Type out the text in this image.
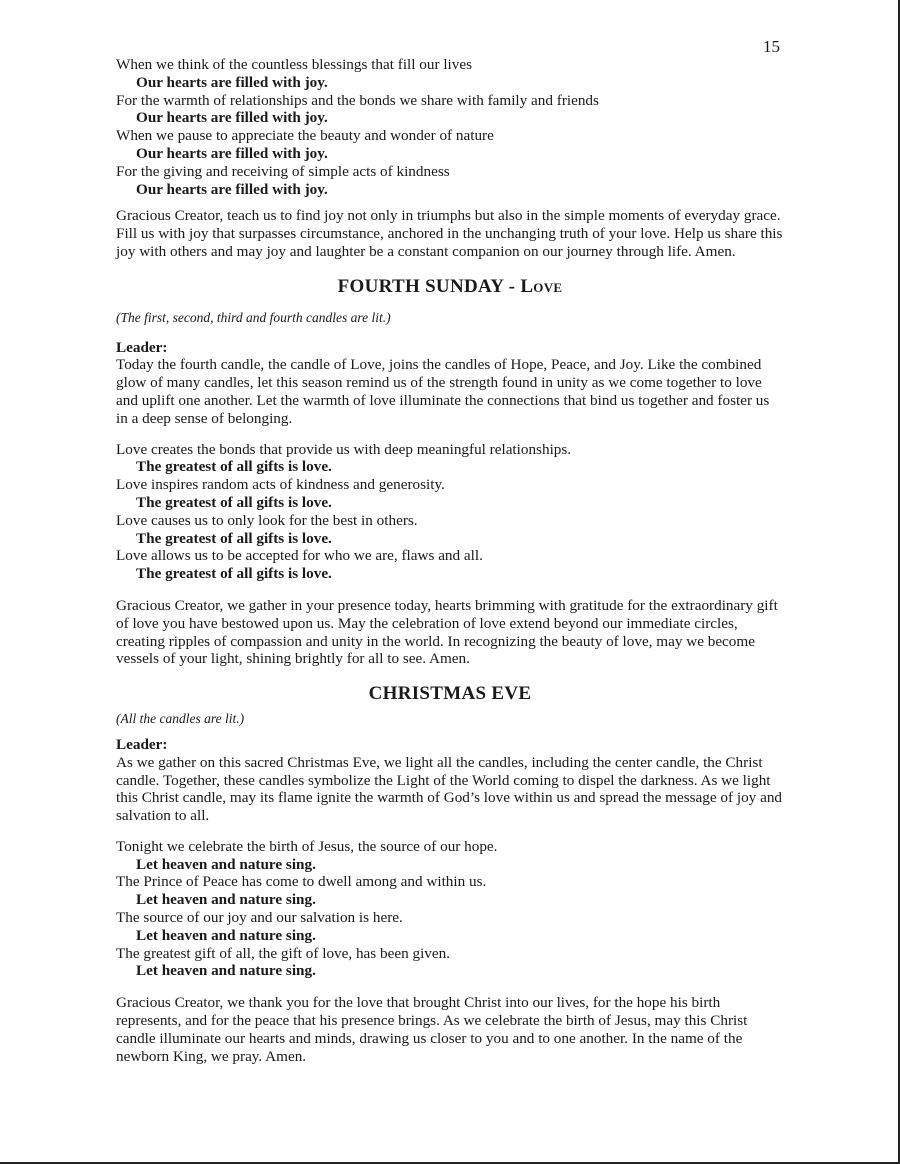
15
When we think of the countless blessings that fill our lives
Our hearts are filled with joy.
For the warmth of relationships and the bonds we share with family and friends
Our hearts are filled with joy.
When we pause to appreciate the beauty and wonder of nature
Our hearts are filled with joy.
For the giving and receiving of simple acts of kindness
Our hearts are filled with joy.

Gracious Creator, teach us to find joy not only in triumphs but also in the simple moments of everyday grace. Fill us with joy that surpasses circumstance, anchored in the unchanging truth of your love. Help us share this joy with others and may joy and laughter be a constant companion on our journey through life. Amen.

FOURTH SUNDAY - Love

(The first, second, third and fourth candles are lit.)

Leader:

Today the fourth candle, the candle of Love, joins the candles of Hope, Peace, and Joy. Like the combined glow of many candles, let this season remind us of the strength found in unity as we come together to love and uplift one another. Let the warmth of love illuminate the connections that bind us together and foster us in a deep sense of belonging.

Love creates the bonds that provide us with deep meaningful relationships.
The greatest of all gifts is love.
Love inspires random acts of kindness and generosity.
The greatest of all gifts is love.
Love causes us to only look for the best in others.
The greatest of all gifts is love.
Love allows us to be accepted for who we are, flaws and all.
The greatest of all gifts is love.

Gracious Creator, we gather in your presence today, hearts brimming with gratitude for the extraordinary gift of love you have bestowed upon us. May the celebration of love extend beyond our immediate circles, creating ripples of compassion and unity in the world. In recognizing the beauty of love, may we become vessels of your light, shining brightly for all to see. Amen.

CHRISTMAS EVE

(All the candles are lit.)

Leader:

As we gather on this sacred Christmas Eve, we light all the candles, including the center candle, the Christ candle. Together, these candles symbolize the Light of the World coming to dispel the darkness. As we light this Christ candle, may its flame ignite the warmth of God’s love within us and spread the message of joy and salvation to all.

Tonight we celebrate the birth of Jesus, the source of our hope.
Let heaven and nature sing.
The Prince of Peace has come to dwell among and within us.
Let heaven and nature sing.
The source of our joy and our salvation is here.
Let heaven and nature sing.
The greatest gift of all, the gift of love, has been given.
Let heaven and nature sing.

Gracious Creator, we thank you for the love that brought Christ into our lives, for the hope his birth represents, and for the peace that his presence brings. As we celebrate the birth of Jesus, may this Christ candle illuminate our hearts and minds, drawing us closer to you and to one another. In the name of the newborn King, we pray. Amen.
